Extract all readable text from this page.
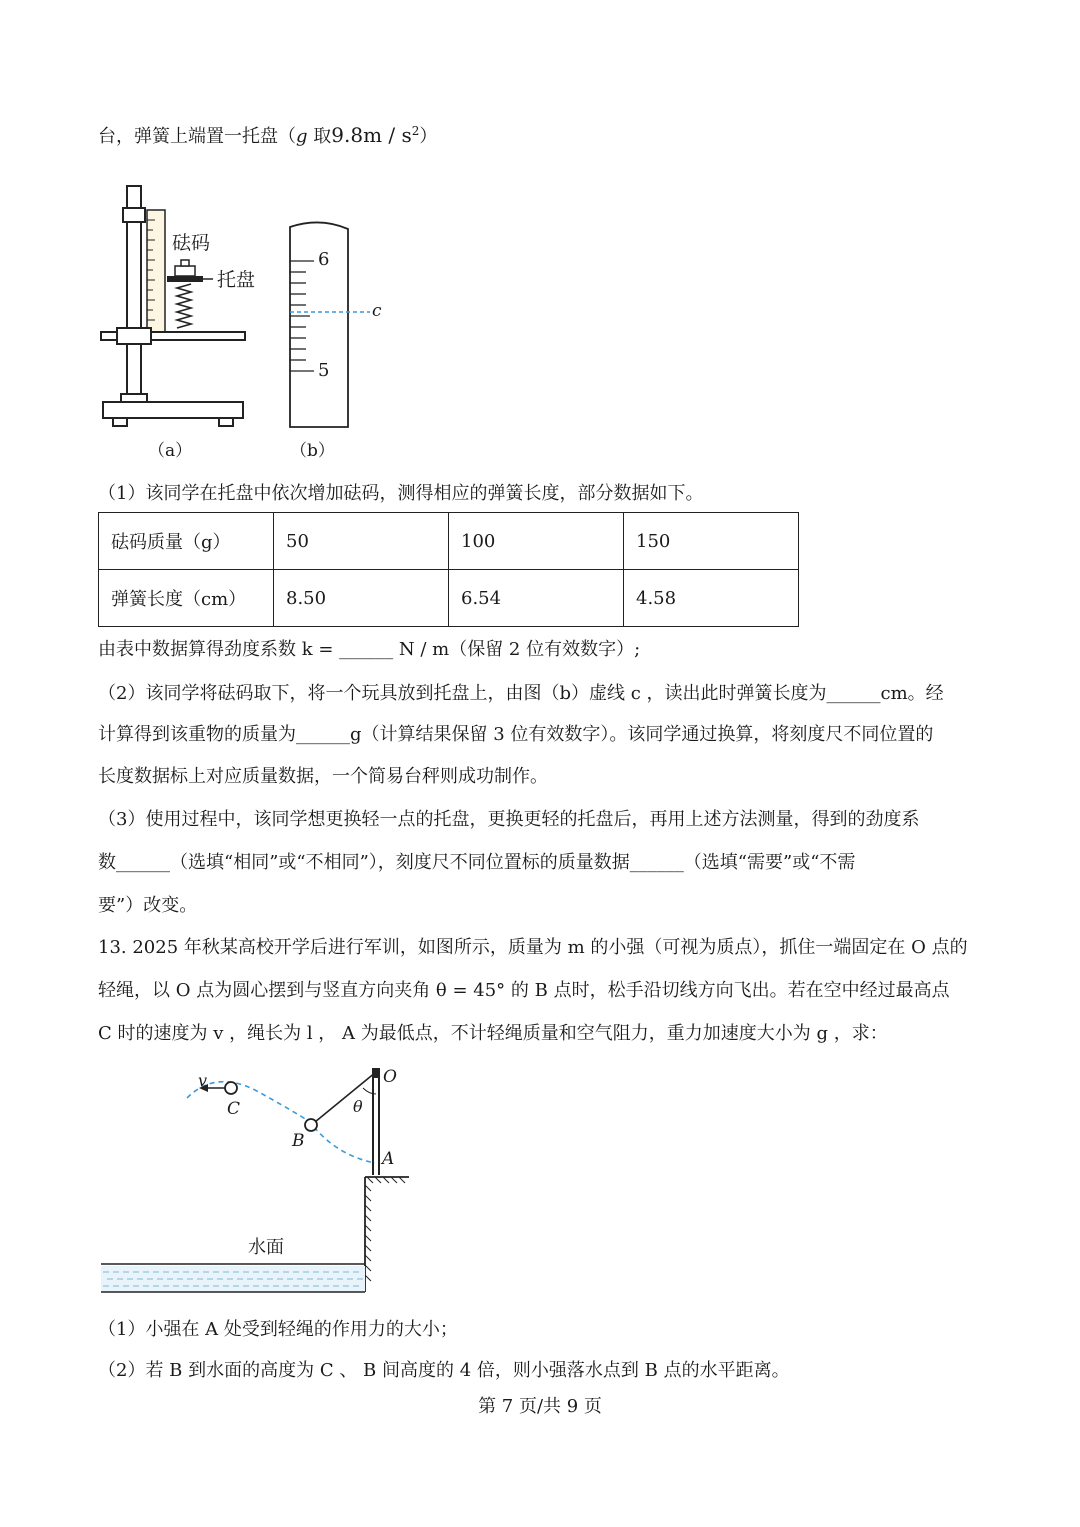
台，弹簧上端置一托盘（g 取$9.8m / s^2$）
砝码
托盘
（a）
6
5
c
（b）
（1）该同学在托盘中依次增加砝码，测得相应的弹簧长度，部分数据如下。
砝码质量（g）	50	100	150
弹簧长度（cm）	8.50	6.54	4.58
由表中数据算得劲度系数 k = ______ N / m（保留 2 位有效数字）;
（2）该同学将砝码取下，将一个玩具放到托盘上，由图（b）虚线 c ，读出此时弹簧长度为______cm。经
计算得到该重物的质量为______g（计算结果保留 3 位有效数字）。该同学通过换算，将刻度尺不同位置的
长度数据标上对应质量数据，一个简易台秤则成功制作。
（3）使用过程中，该同学想更换轻一点的托盘，更换更轻的托盘后，再用上述方法测量，得到的劲度系
数______（选填“相同”或“不相同”），刻度尺不同位置标的质量数据______（选填“需要”或“不需
要”）改变。
13. 2025 年秋某高校开学后进行军训，如图所示，质量为 m 的小强（可视为质点），抓住一端固定在 O 点的
轻绳，以 O 点为圆心摆到与竖直方向夹角 θ = 45° 的 B 点时，松手沿切线方向飞出。若在空中经过最高点
C 时的速度为 v ，绳长为 l ， A 为最低点，不计轻绳质量和空气阻力，重力加速度大小为 g ，求：
v
C
O
θ
B
A
水面
（1）小强在 A 处受到轻绳的作用力的大小；
（2）若 B 到水面的高度为 C 、 B 间高度的 4 倍，则小强落水点到 B 点的水平距离。
第 7 页/共 9 页
